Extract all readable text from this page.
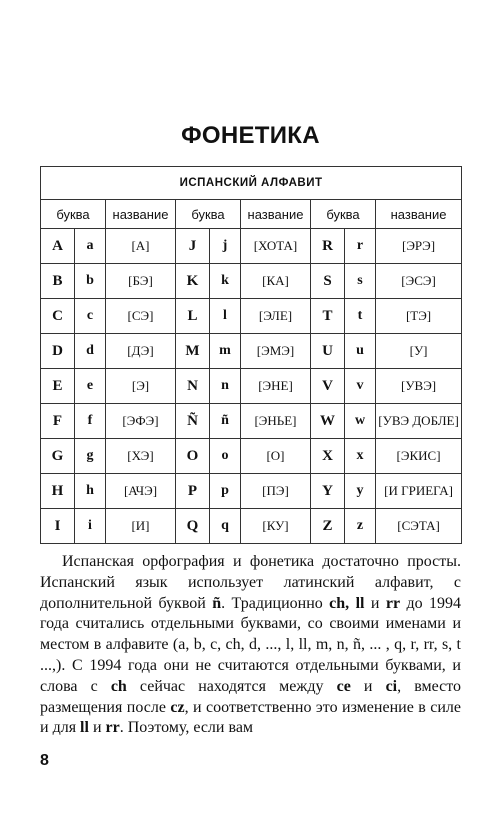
ФОНЕТИКА
ИСПАНСКИЙ АЛФАВИТ								
буква		название	буква		название	буква		название
A	a	[А]	J	j	[ХОТА]	R	r	[ЭРЭ]
B	b	[БЭ]	K	k	[КА]	S	s	[ЭСЭ]
C	c	[СЭ]	L	l	[ЭЛЕ]	T	t	[ТЭ]
D	d	[ДЭ]	M	m	[ЭМЭ]	U	u	[У]
E	e	[Э]	N	n	[ЭНЕ]	V	v	[УВЭ]
F	f	[ЭФЭ]	Ñ	ñ	[ЭНЬЕ]	W	w	[УВЭ ДОБЛЕ]
G	g	[ХЭ]	O	o	[О]	X	x	[ЭКИС]
H	h	[АЧЭ]	P	p	[ПЭ]	Y	y	[И ГРИЕГА]
I	i	[И]	Q	q	[КУ]	Z	z	[СЭТА]

Испанская орфография и фонетика достаточно просты. Испанский язык использует латинский алфавит, с дополнительной буквой ñ. Традиционно ch, ll и rr до 1994 года считались отдельными буквами, со своими именами и местом в алфавите (a, b, c, ch, d, ..., l, ll, m, n, ñ, ... , q, r, rr, s, t ...,). С 1994 года они не считаются отдельными буквами, и слова с ch сейчас находятся между ce и ci, вместо размещения после cz, и соответственно это изменение в силе и для ll и rr. Поэтому, если вам

8
